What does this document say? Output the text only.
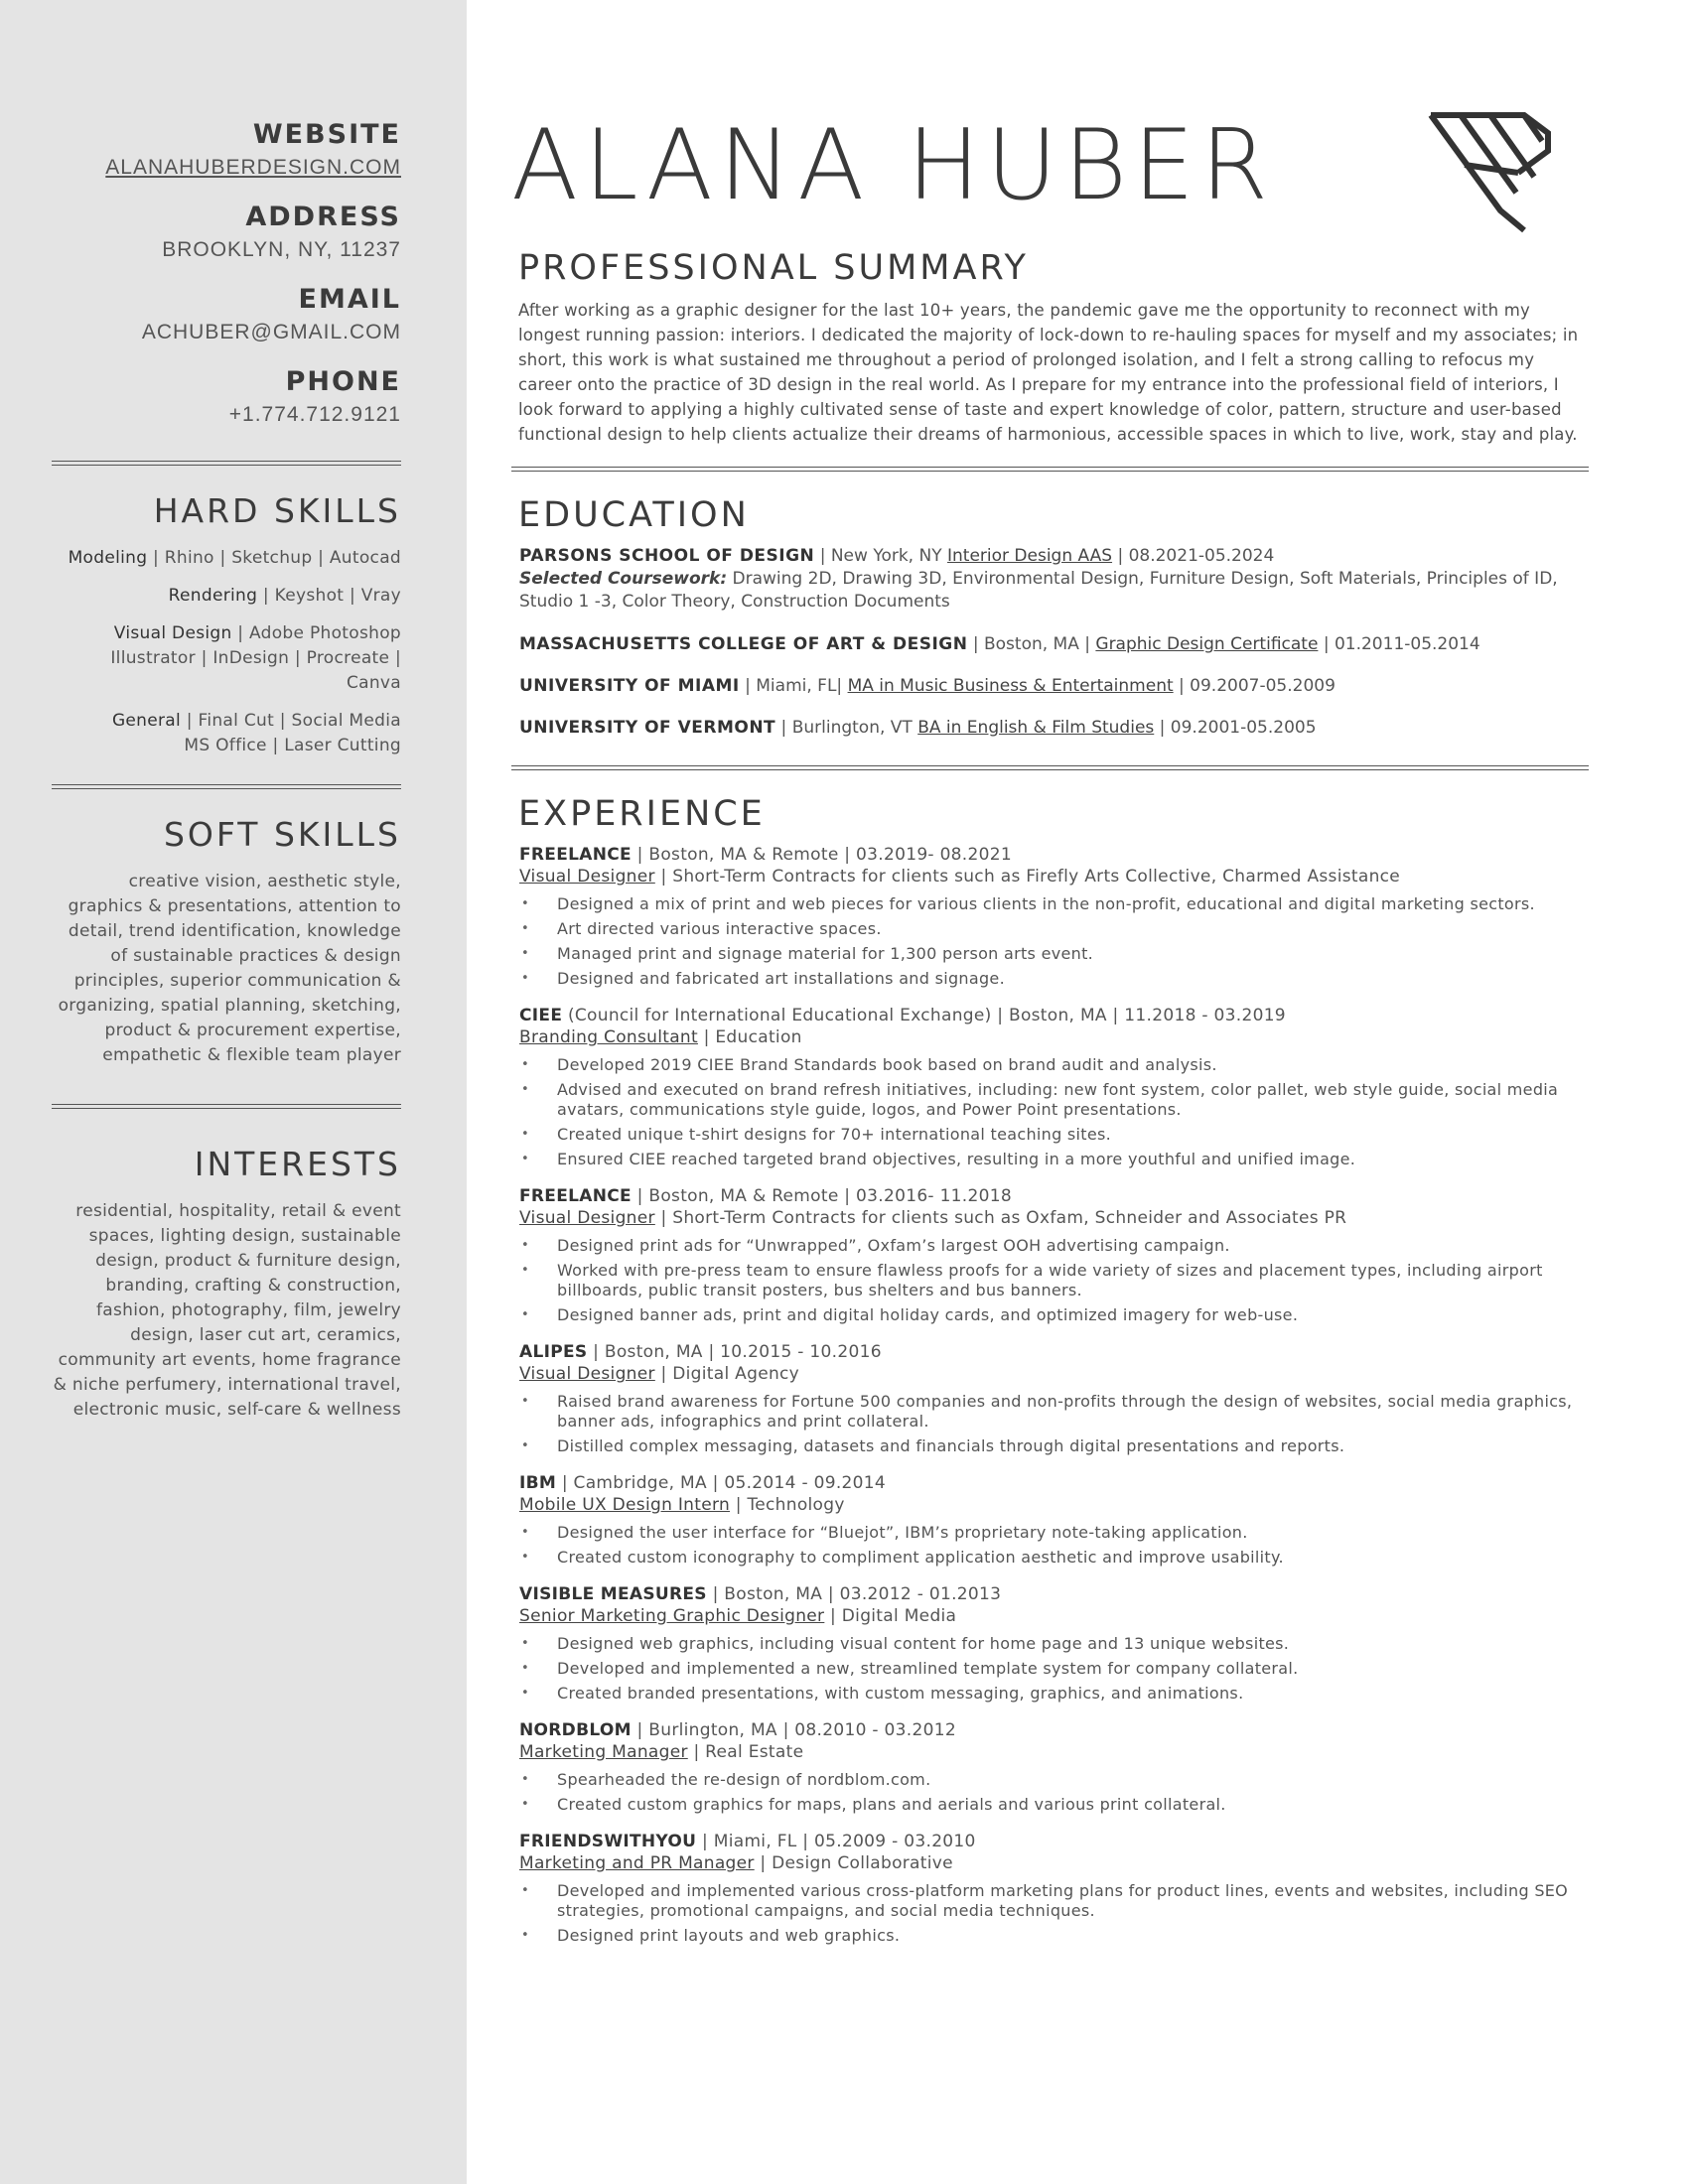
WEBSITE

ALANAHUBERDESIGN.COM

ADDRESS

BROOKLYN, NY, 11237

EMAIL

ACHUBER@GMAIL.COM

PHONE

+1.774.712.9121

HARD SKILLS

Modeling | Rhino | Sketchup | Autocad

Rendering | Keyshot | Vray

Visual Design | Adobe Photoshop
Illustrator | InDesign | Procreate | Canva

General | Final Cut | Social Media
MS Office | Laser Cutting

SOFT SKILLS

creative vision, aesthetic style, graphics & presentations, attention to detail, trend identification, knowledge of sustainable practices & design principles, superior communication & organizing, spatial planning, sketching, product & procurement expertise, empathetic & flexible team player

INTERESTS

residential, hospitality, retail & event spaces, lighting design, sustainable design, product & furniture design, branding, crafting & construction, fashion, photography, film, jewelry design, laser cut art, ceramics, community art events, home fragrance & niche perfumery, international travel, electronic music, self-care & wellness

ALANA HUBER
PROFESSIONAL SUMMARY

After working as a graphic designer for the last 10+ years, the pandemic gave me the opportunity to reconnect with my longest running passion: interiors. I dedicated the majority of lock-down to re-hauling spaces for myself and my associates; in short, this work is what sustained me throughout a period of prolonged isolation, and I felt a strong calling to refocus my career onto the practice of 3D design in the real world. As I prepare for my entrance into the professional field of interiors, I look forward to applying a highly cultivated sense of taste and expert knowledge of color, pattern, structure and user-based functional design to help clients actualize their dreams of harmonious, accessible spaces in which to live, work, stay and play.

EDUCATION
PARSONS SCHOOL OF DESIGN | New York, NY Interior Design AAS | 08.2021-05.2024

Selected Coursework: Drawing 2D, Drawing 3D, Environmental Design, Furniture Design, Soft Materials, Principles of ID, Studio 1 -3, Color Theory, Construction Documents

MASSACHUSETTS COLLEGE OF ART & DESIGN | Boston, MA | Graphic Design Certificate | 01.2011-05.2014
UNIVERSITY OF MIAMI | Miami, FL| MA in Music Business & Entertainment | 09.2007-05.2009
UNIVERSITY OF VERMONT | Burlington, VT BA in English & Film Studies | 09.2001-05.2005
EXPERIENCE
FREELANCE | Boston, MA & Remote | 03.2019- 08.2021
Visual Designer | Short-Term Contracts for clients such as Firefly Arts Collective, Charmed Assistance
• Designed a mix of print and web pieces for various clients in the non-profit, educational and digital marketing sectors.
• Art directed various interactive spaces.
• Managed print and signage material for 1,300 person arts event.
• Designed and fabricated art installations and signage.
CIEE (Council for International Educational Exchange) | Boston, MA | 11.2018 - 03.2019
Branding Consultant | Education
• Developed 2019 CIEE Brand Standards book based on brand audit and analysis.
• Advised and executed on brand refresh initiatives, including: new font system, color pallet, web style guide, social media avatars, communications style guide, logos, and Power Point presentations.
• Created unique t-shirt designs for 70+ international teaching sites.
• Ensured CIEE reached targeted brand objectives, resulting in a more youthful and unified image.
FREELANCE | Boston, MA & Remote | 03.2016- 11.2018
Visual Designer | Short-Term Contracts for clients such as Oxfam, Schneider and Associates PR
• Designed print ads for “Unwrapped”, Oxfam’s largest OOH advertising campaign.
• Worked with pre-press team to ensure flawless proofs for a wide variety of sizes and placement types, including airport billboards, public transit posters, bus shelters and bus banners.
• Designed banner ads, print and digital holiday cards, and optimized imagery for web-use.
ALIPES | Boston, MA | 10.2015 - 10.2016
Visual Designer | Digital Agency
• Raised brand awareness for Fortune 500 companies and non-profits through the design of websites, social media graphics, banner ads, infographics and print collateral.
• Distilled complex messaging, datasets and financials through digital presentations and reports.
IBM | Cambridge, MA | 05.2014 - 09.2014
Mobile UX Design Intern | Technology
• Designed the user interface for “Bluejot”, IBM’s proprietary note-taking application.
• Created custom iconography to compliment application aesthetic and improve usability.
VISIBLE MEASURES | Boston, MA | 03.2012 - 01.2013
Senior Marketing Graphic Designer | Digital Media
• Designed web graphics, including visual content for home page and 13 unique websites.
• Developed and implemented a new, streamlined template system for company collateral.
• Created branded presentations, with custom messaging, graphics, and animations.
NORDBLOM | Burlington, MA | 08.2010 - 03.2012
Marketing Manager | Real Estate
• Spearheaded the re-design of nordblom.com.
• Created custom graphics for maps, plans and aerials and various print collateral.
FRIENDSWITHYOU | Miami, FL | 05.2009 - 03.2010
Marketing and PR Manager | Design Collaborative
• Developed and implemented various cross-platform marketing plans for product lines, events and websites, including SEO strategies, promotional campaigns, and social media techniques.
• Designed print layouts and web graphics.
